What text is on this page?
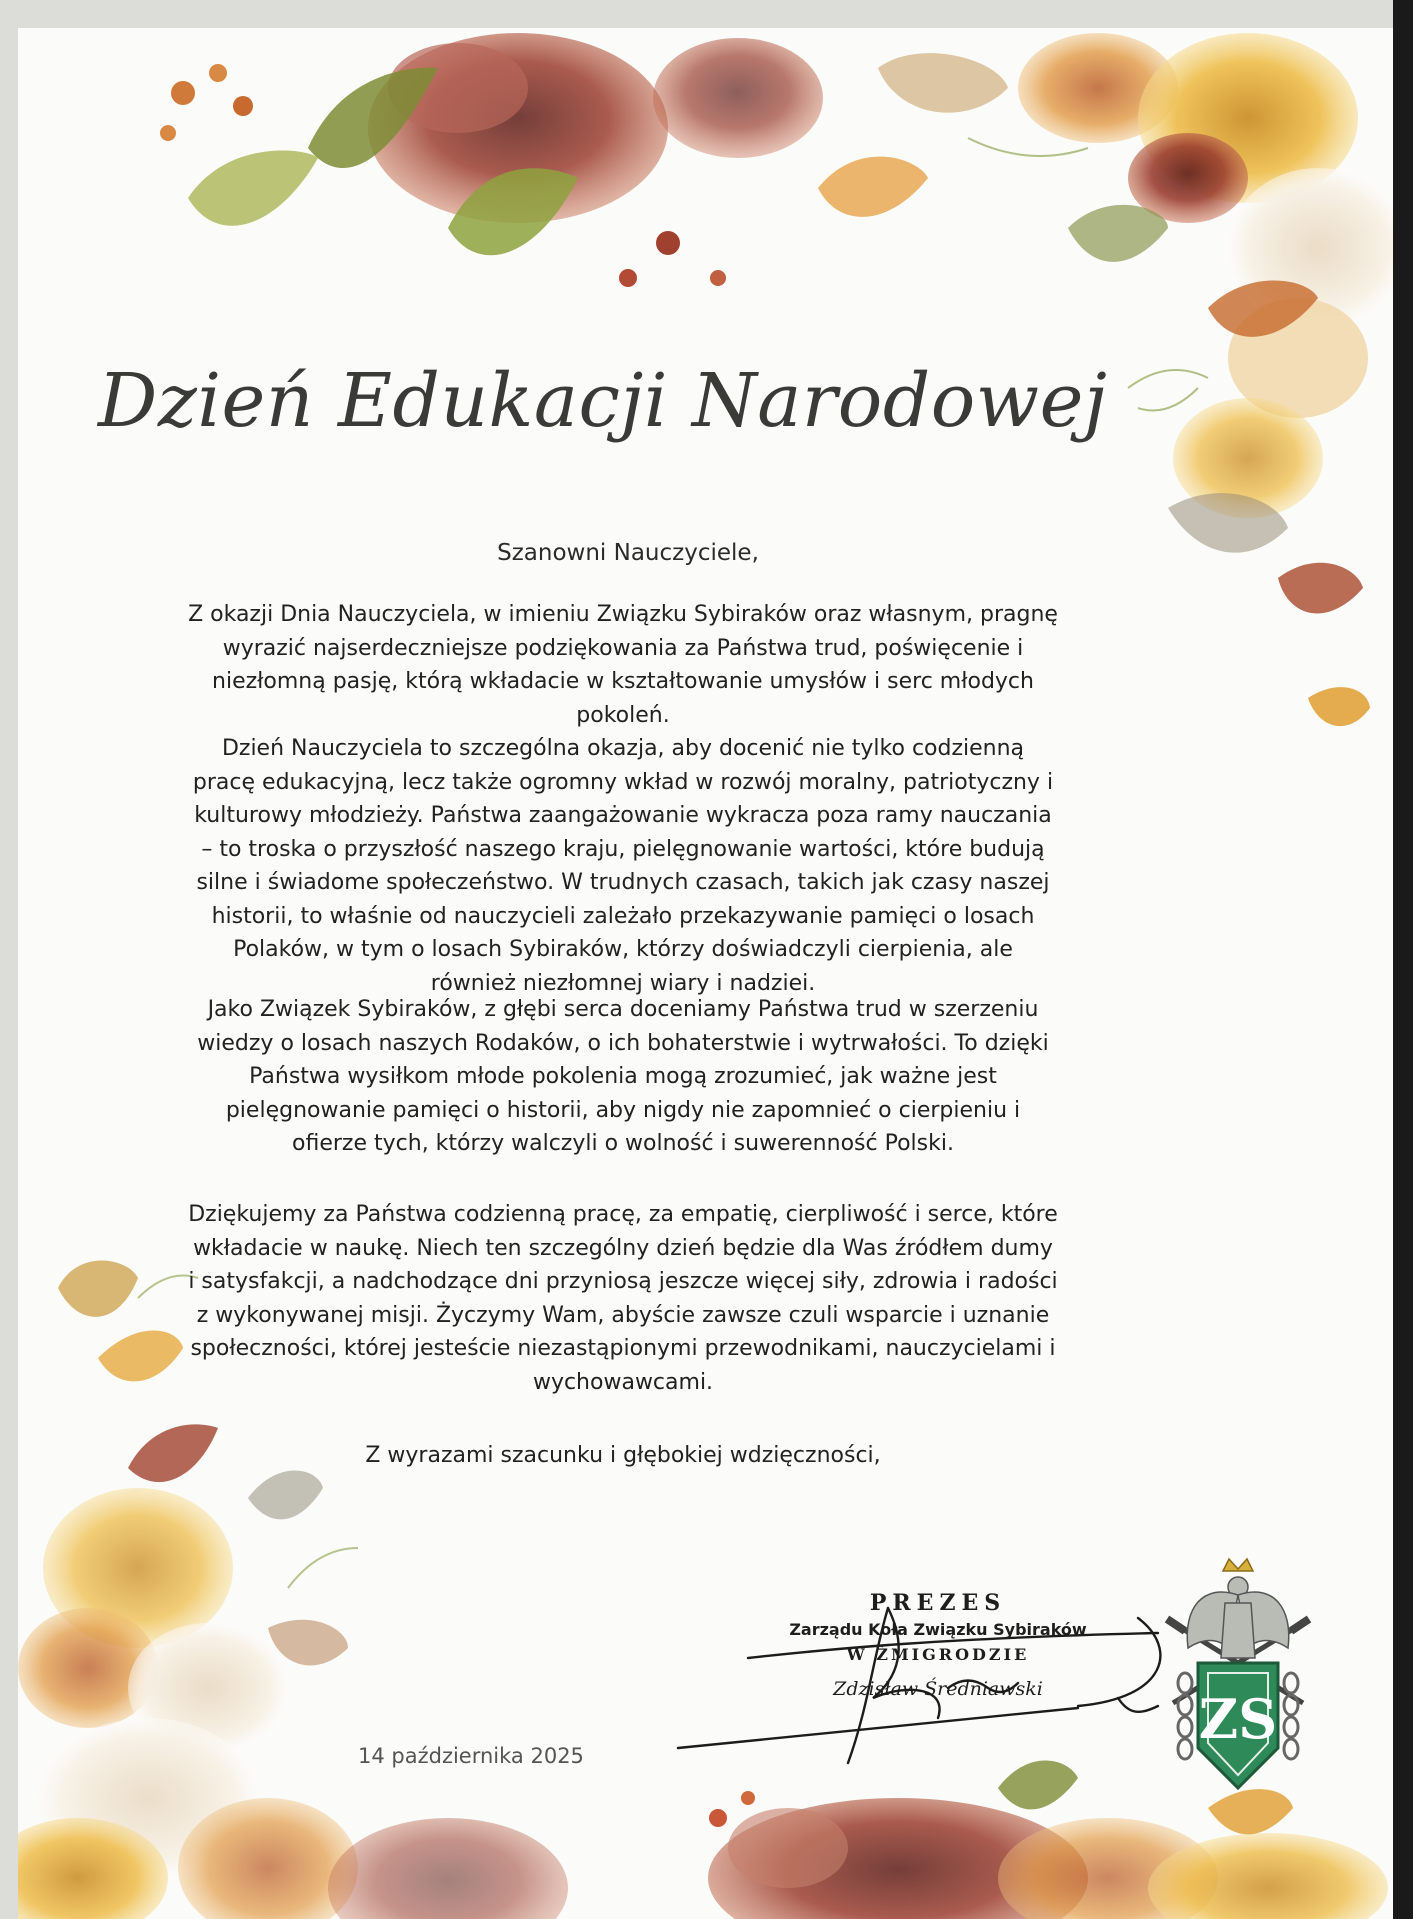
Dzień Edukacji Narodowej
Szanowni Nauczyciele,

Z okazji Dnia Nauczyciela, w imieniu Związku Sybiraków oraz własnym, pragnę wyrazić najserdeczniejsze podziękowania za Państwa trud, poświęcenie i niezłomną pasję, którą wkładacie w kształtowanie umysłów i serc młodych pokoleń.

Dzień Nauczyciela to szczególna okazja, aby docenić nie tylko codzienną pracę edukacyjną, lecz także ogromny wkład w rozwój moralny, patriotyczny i kulturowy młodzieży. Państwa zaangażowanie wykracza poza ramy nauczania – to troska o przyszłość naszego kraju, pielęgnowanie wartości, które budują silne i świadome społeczeństwo. W trudnych czasach, takich jak czasy naszej historii, to właśnie od nauczycieli zależało przekazywanie pamięci o losach Polaków, w tym o losach Sybiraków, którzy doświadczyli cierpienia, ale również niezłomnej wiary i nadziei.

Jako Związek Sybiraków, z głębi serca doceniamy Państwa trud w szerzeniu wiedzy o losach naszych Rodaków, o ich bohaterstwie i wytrwałości. To dzięki Państwa wysiłkom młode pokolenia mogą zrozumieć, jak ważne jest pielęgnowanie pamięci o historii, aby nigdy nie zapomnieć o cierpieniu i ofierze tych, którzy walczyli o wolność i suwerenność Polski.

Dziękujemy za Państwa codzienną pracę, za empatię, cierpliwość i serce, które wkładacie w naukę. Niech ten szczególny dzień będzie dla Was źródłem dumy i satysfakcji, a nadchodzące dni przyniosą jeszcze więcej siły, zdrowia i radości z wykonywanej misji. Życzymy Wam, abyście zawsze czuli wsparcie i uznanie społeczności, której jesteście niezastąpionymi przewodnikami, nauczycielami i wychowawcami.

Z wyrazami szacunku i głębokiej wdzięczności,
PREZES
Zarządu Koła Związku Sybiraków
W ŻMIGRODZIE
Zdzisław Średniawski	ZS
14 października 2025
